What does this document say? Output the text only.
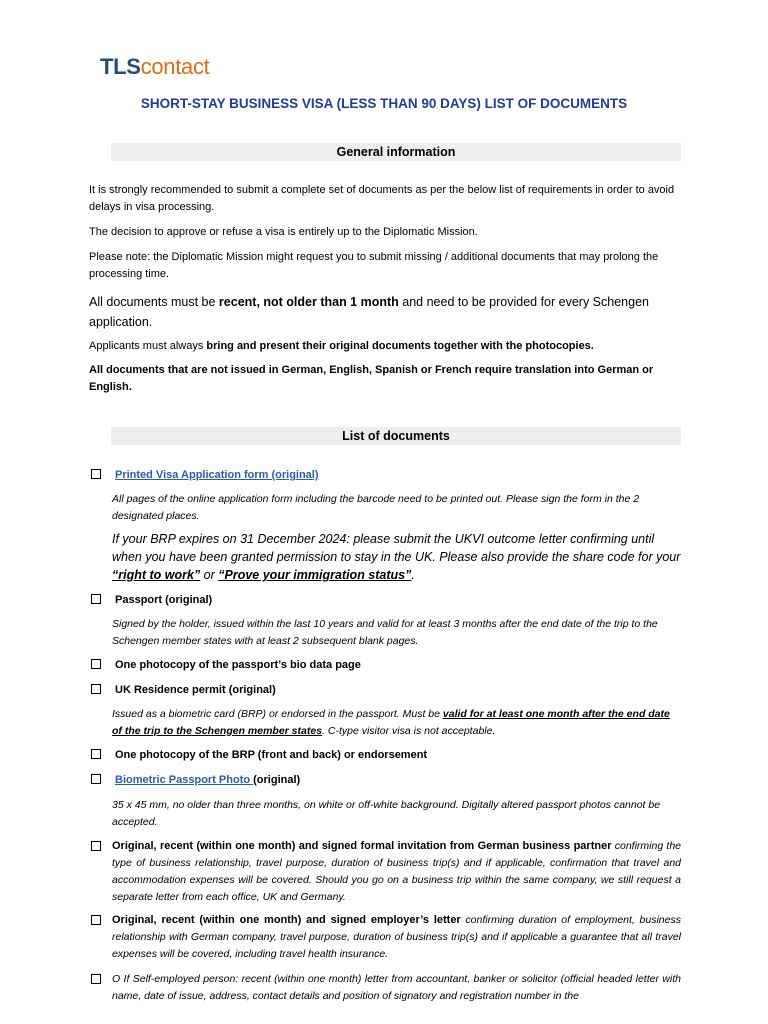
TLScontact
SHORT-STAY BUSINESS VISA (LESS THAN 90 DAYS) LIST OF DOCUMENTS
General information
It is strongly recommended to submit a complete set of documents as per the below list of requirements in order to avoid delays in visa processing.
The decision to approve or refuse a visa is entirely up to the Diplomatic Mission.
Please note: the Diplomatic Mission might request you to submit missing / additional documents that may prolong the processing time.
All documents must be recent, not older than 1 month and need to be provided for every Schengen application.
Applicants must always bring and present their original documents together with the photocopies.
All documents that are not issued in German, English, Spanish or French require translation into German or English.
List of documents
Printed Visa Application form (original)
All pages of the online application form including the barcode need to be printed out. Please sign the form in the 2 designated places.
If your BRP expires on 31 December 2024: please submit the UKVI outcome letter confirming until when you have been granted permission to stay in the UK. Please also provide the share code for your “right to work” or “Prove your immigration status”.
Passport (original)
Signed by the holder, issued within the last 10 years and valid for at least 3 months after the end date of the trip to the Schengen member states with at least 2 subsequent blank pages.
One photocopy of the passport’s bio data page
UK Residence permit (original)
Issued as a biometric card (BRP) or endorsed in the passport. Must be valid for at least one month after the end date of the trip to the Schengen member states. C-type visitor visa is not acceptable.
One photocopy of the BRP (front and back) or endorsement
Biometric Passport Photo (original)
35 x 45 mm, no older than three months, on white or off-white background. Digitally altered passport photos cannot be accepted.
Original, recent (within one month) and signed formal invitation from German business partner confirming the type of business relationship, travel purpose, duration of business trip(s) and if applicable, confirmation that travel and accommodation expenses will be covered. Should you go on a business trip within the same company, we still request a separate letter from each office, UK and Germany.
Original, recent (within one month) and signed employer’s letter confirming duration of employment, business relationship with German company, travel purpose, duration of business trip(s) and if applicable a guarantee that all travel expenses will be covered, including travel health insurance.
O If Self-employed person: recent (within one month) letter from accountant, banker or solicitor (official headed letter with name, date of issue, address, contact details and position of signatory and registration number in the
